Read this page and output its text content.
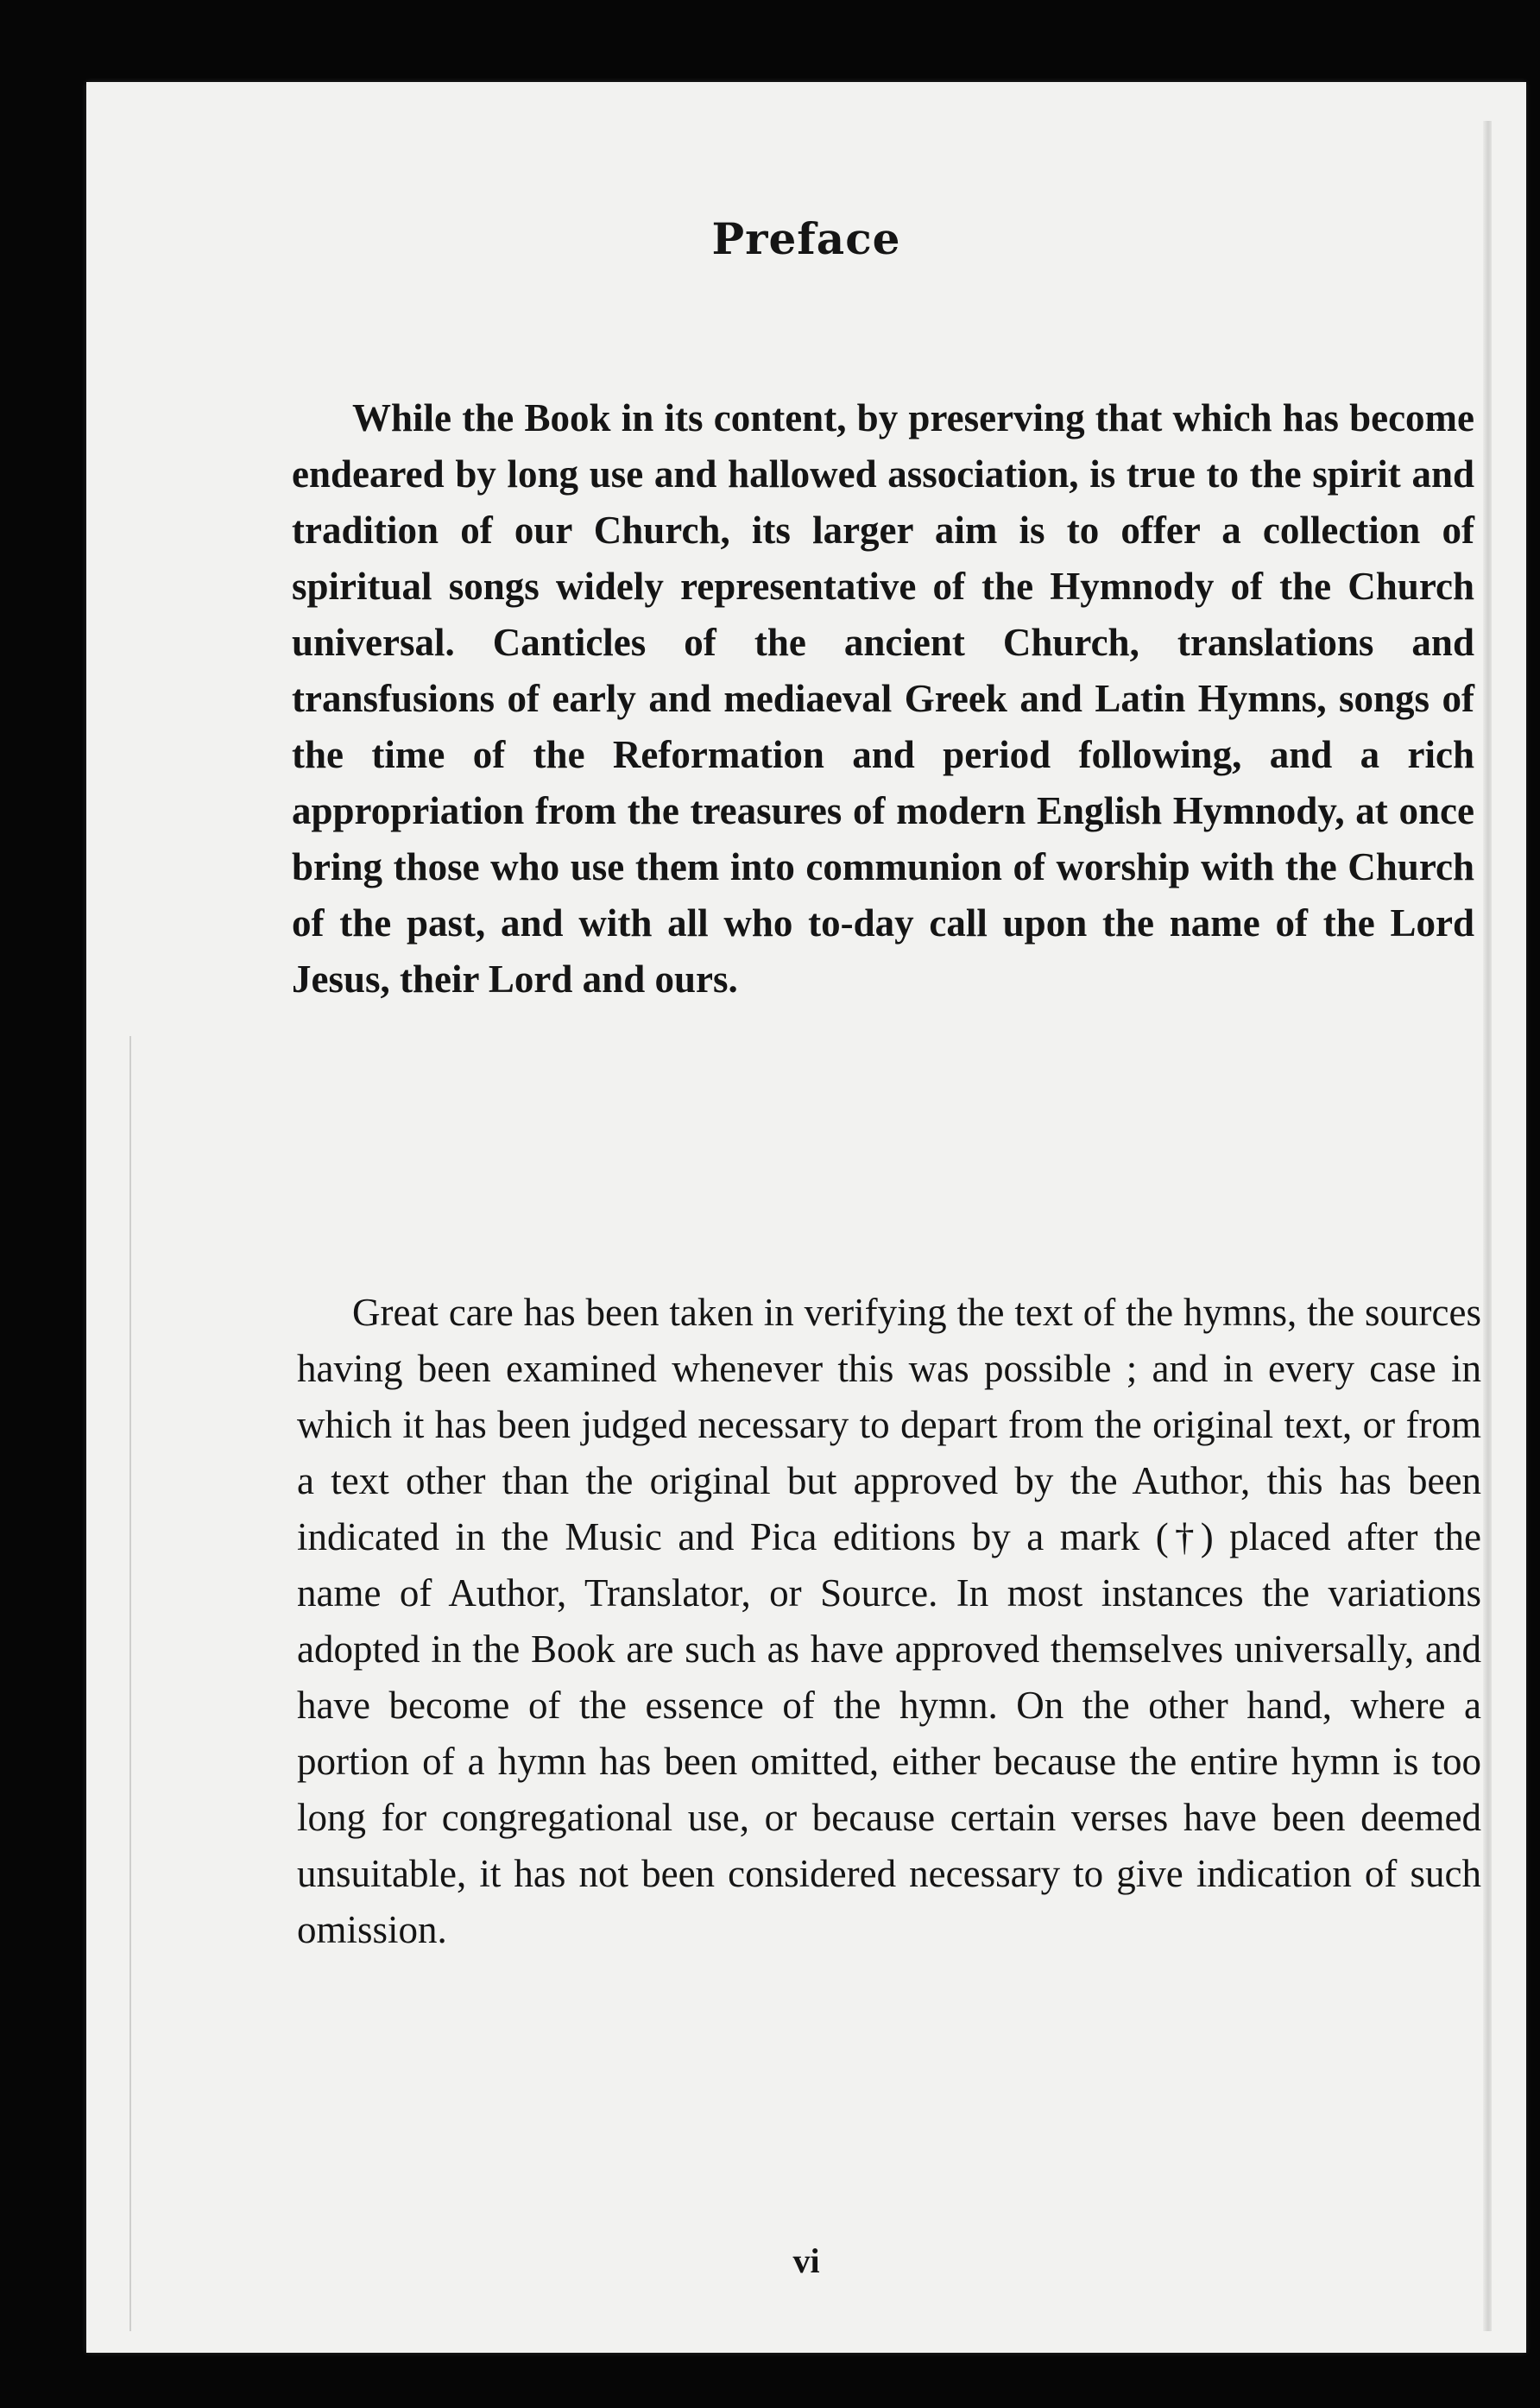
Preface
While the Book in its content, by preserving that which has become endeared by long use and hallowed association, is true to the spirit and tradition of our Church, its larger aim is to offer a collection of spiritual songs widely representative of the Hymnody of the Church universal. Canticles of the ancient Church, translations and transfusions of early and mediaeval Greek and Latin Hymns, songs of the time of the Reformation and period following, and a rich appropriation from the treasures of modern English Hymnody, at once bring those who use them into communion of worship with the Church of the past, and with all who to-day call upon the name of the Lord Jesus, their Lord and ours.
Great care has been taken in verifying the text of the hymns, the sources having been examined whenever this was possible ; and in every case in which it has been judged necessary to depart from the original text, or from a text other than the original but approved by the Author, this has been indicated in the Music and Pica editions by a mark (†) placed after the name of Author, Translator, or Source. In most instances the variations adopted in the Book are such as have approved themselves universally, and have become of the essence of the hymn. On the other hand, where a portion of a hymn has been omitted, either because the entire hymn is too long for congregational use, or because certain verses have been deemed unsuitable, it has not been considered necessary to give indication of such omission.
vi
